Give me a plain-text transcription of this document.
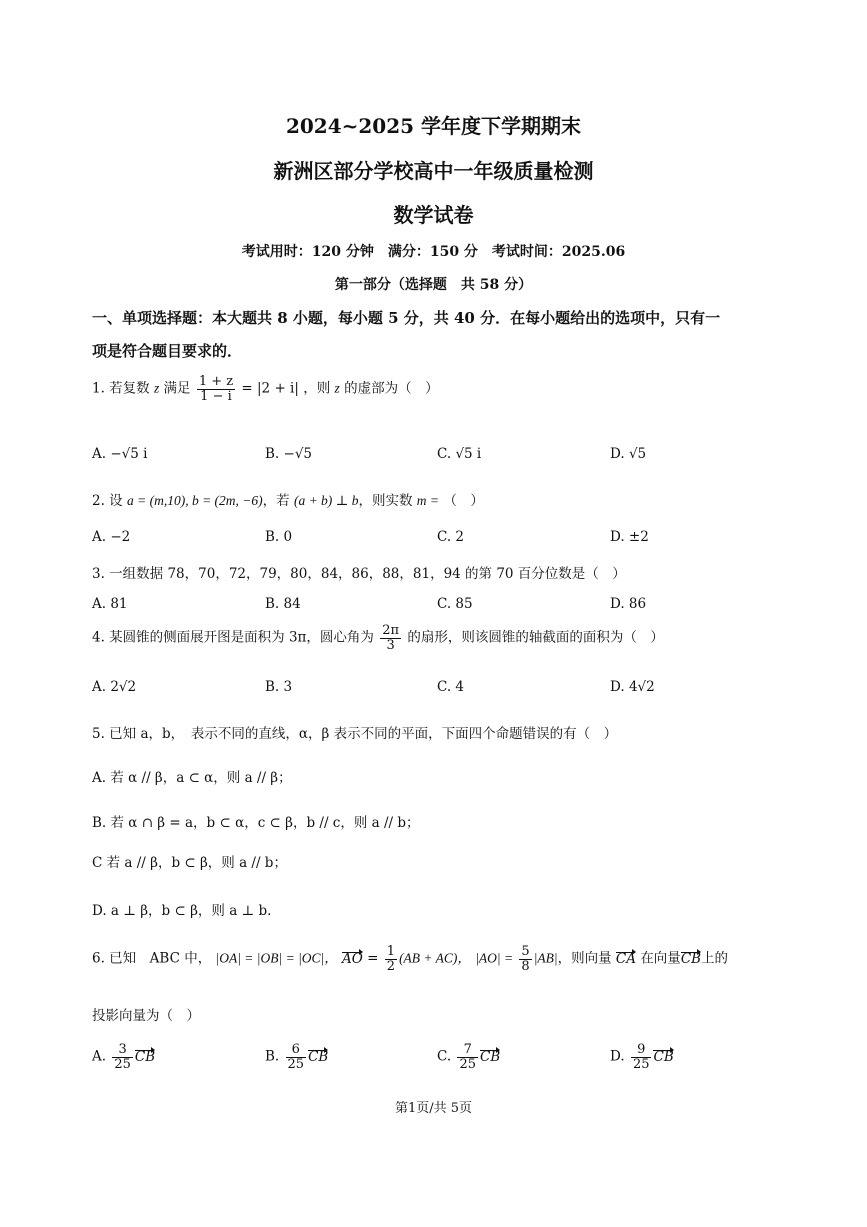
2024~2025 学年度下学期期末
新洲区部分学校高中一年级质量检测
数学试卷
考试用时：120 分钟　满分：150 分　考试时间：2025.06
第一部分（选择题　共 58 分）
一、单项选择题：本大题共 8 小题，每小题 5 分，共 40 分．在每小题给出的选项中，只有一
项是符合题目要求的．
1. 若复数 z 满足 $\frac{1 + z}{1 - i} = |2 + i|$ ，则 z 的虚部为（　）
A. −√5 i	B. −√5	C. √5 i	D. √5
2. 设 a = (m,10), b = (2m, −6)，若 (a + b) ⊥ b，则实数 m = （　）
A. −2	B. 0	C. 2	D. ±2
3. 一组数据 78，70，72，79，80，84，86，88，81，94 的第 70 百分位数是（　）
A. 81	B. 84	C. 85	D. 86
4. 某圆锥的侧面展开图是面积为 3π，圆心角为 $\frac{2\pi}{3}$ 的扇形，则该圆锥的轴截面的面积为（　）
A. 2√2	B. 3	C. 4	D. 4√2
5. 已知 a，b，　表示不同的直线，α，β 表示不同的平面，下面四个命题错误的有（　）
A. 若 α // β，a ⊂ α，则 a // β；
B. 若 α ∩ β = a，b ⊂ α，c ⊂ β，b // c，则 a // b；
C 若 a // β，b ⊂ β，则 a // b；
D. a ⊥ β，b ⊂ β，则 a ⊥ b.
6. 已知　ABC 中， |OA| = |OB| = |OC|， AO = $\frac{1}{2} (AB + AC)$， $|AO| = \frac{5}{8} |AB|$，则向量 CA 在向量CB上的
投影向量为（　）
A. $\frac{3}{25}$ CB	B. $\frac{6}{25}$ CB	C. $\frac{7}{25}$ CB	D. $\frac{9}{25}$ CB
第1页/共 5页
